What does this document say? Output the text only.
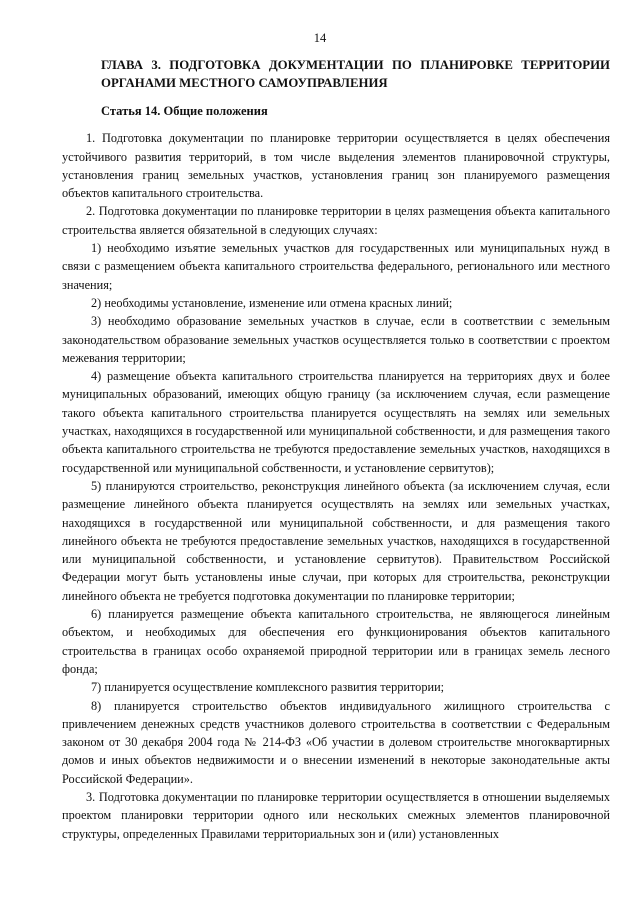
14
ГЛАВА 3. ПОДГОТОВКА ДОКУМЕНТАЦИИ ПО ПЛАНИРОВКЕ ТЕРРИТОРИИ ОРГАНАМИ МЕСТНОГО САМОУПРАВЛЕНИЯ
Статья 14. Общие положения

1. Подготовка документации по планировке территории осуществляется в целях обеспечения устойчивого развития территорий, в том числе выделения элементов планировочной структуры, установления границ земельных участков, установления границ зон планируемого размещения объектов капитального строительства.

2. Подготовка документации по планировке территории в целях размещения объекта капитального строительства является обязательной в следующих случаях:

1) необходимо изъятие земельных участков для государственных или муниципальных нужд в связи с размещением объекта капитального строительства федерального, регионального или местного значения;

2) необходимы установление, изменение или отмена красных линий;

3) необходимо образование земельных участков в случае, если в соответствии с земельным законодательством образование земельных участков осуществляется только в соответствии с проектом межевания территории;

4) размещение объекта капитального строительства планируется на территориях двух и более муниципальных образований, имеющих общую границу (за исключением случая, если размещение такого объекта капитального строительства планируется осуществлять на землях или земельных участках, находящихся в государственной или муниципальной собственности, и для размещения такого объекта капитального строительства не требуются предоставление земельных участков, находящихся в государственной или муниципальной собственности, и установление сервитутов);

5) планируются строительство, реконструкция линейного объекта (за исключением случая, если размещение линейного объекта планируется осуществлять на землях или земельных участках, находящихся в государственной или муниципальной собственности, и для размещения такого линейного объекта не требуются предоставление земельных участков, находящихся в государственной или муниципальной собственности, и установление сервитутов). Правительством Российской Федерации могут быть установлены иные случаи, при которых для строительства, реконструкции линейного объекта не требуется подготовка документации по планировке территории;

6) планируется размещение объекта капитального строительства, не являющегося линейным объектом, и необходимых для обеспечения его функционирования объектов капитального строительства в границах особо охраняемой природной территории или в границах земель лесного фонда;

7) планируется осуществление комплексного развития территории;

8) планируется строительство объектов индивидуального жилищного строительства с привлечением денежных средств участников долевого строительства в соответствии с Федеральным законом от 30 декабря 2004 года № 214-ФЗ «Об участии в долевом строительстве многоквартирных домов и иных объектов недвижимости и о внесении изменений в некоторые законодательные акты Российской Федерации».

3. Подготовка документации по планировке территории осуществляется в отношении выделяемых проектом планировки территории одного или нескольких смежных элементов планировочной структуры, определенных Правилами территориальных зон и (или) установленных
